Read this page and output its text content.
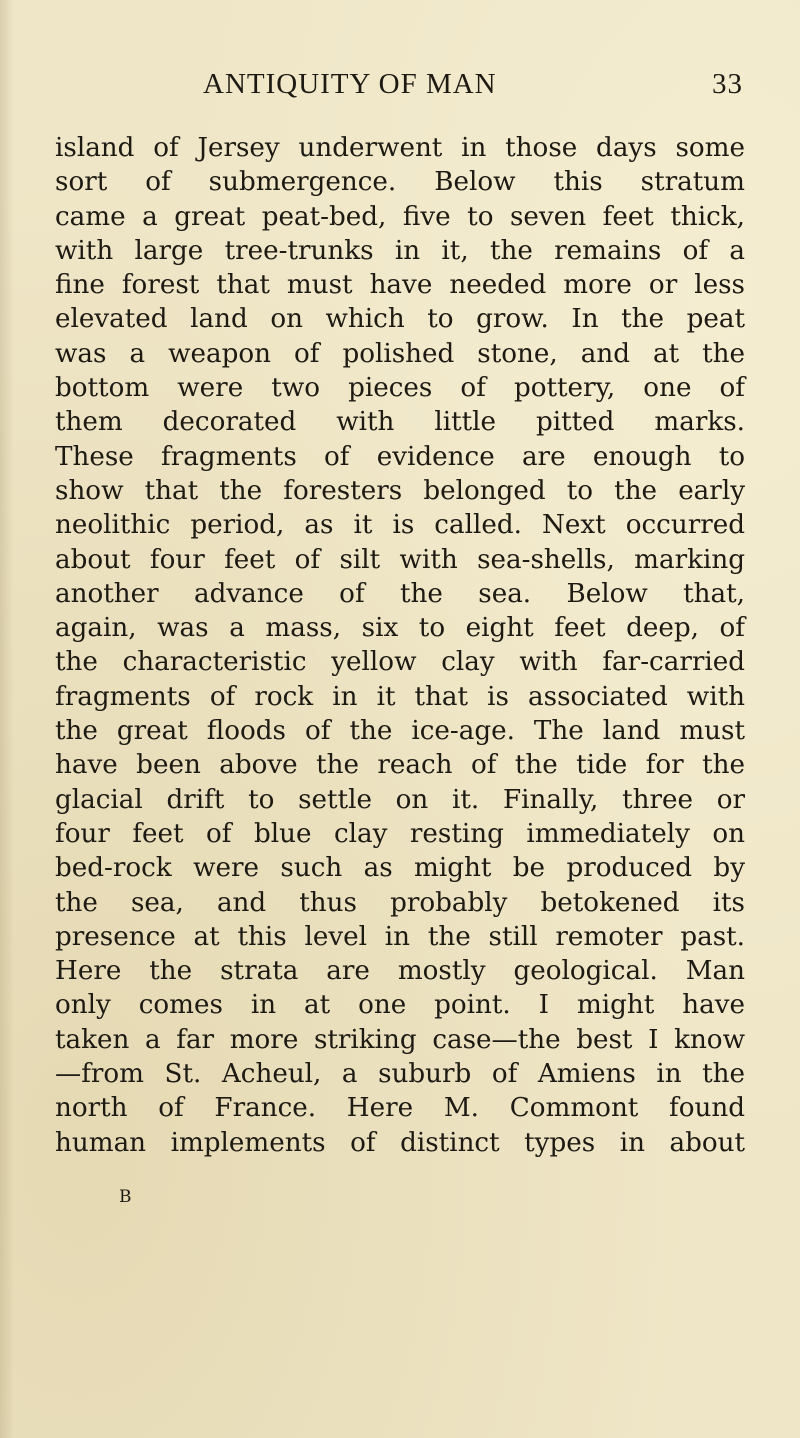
ANTIQUITY OF MAN	33
island of Jersey underwent in those days some
sort of submergence. Below this stratum
came a great peat-bed, five to seven feet thick,
with large tree-trunks in it, the remains of a
fine forest that must have needed more or less
elevated land on which to grow. In the peat
was a weapon of polished stone, and at the
bottom were two pieces of pottery, one of
them decorated with little pitted marks.
These fragments of evidence are enough to
show that the foresters belonged to the early
neolithic period, as it is called. Next occurred
about four feet of silt with sea-shells, marking
another advance of the sea. Below that,
again, was a mass, six to eight feet deep, of
the characteristic yellow clay with far-carried
fragments of rock in it that is associated with
the great floods of the ice-age. The land must
have been above the reach of the tide for the
glacial drift to settle on it. Finally, three or
four feet of blue clay resting immediately on
bed-rock were such as might be produced by
the sea, and thus probably betokened its
presence at this level in the still remoter past.
Here the strata are mostly geological. Man
only comes in at one point. I might have
taken a far more striking case—the best I know
—from St. Acheul, a suburb of Amiens in the
north of France. Here M. Commont found
human implements of distinct types in about
B
